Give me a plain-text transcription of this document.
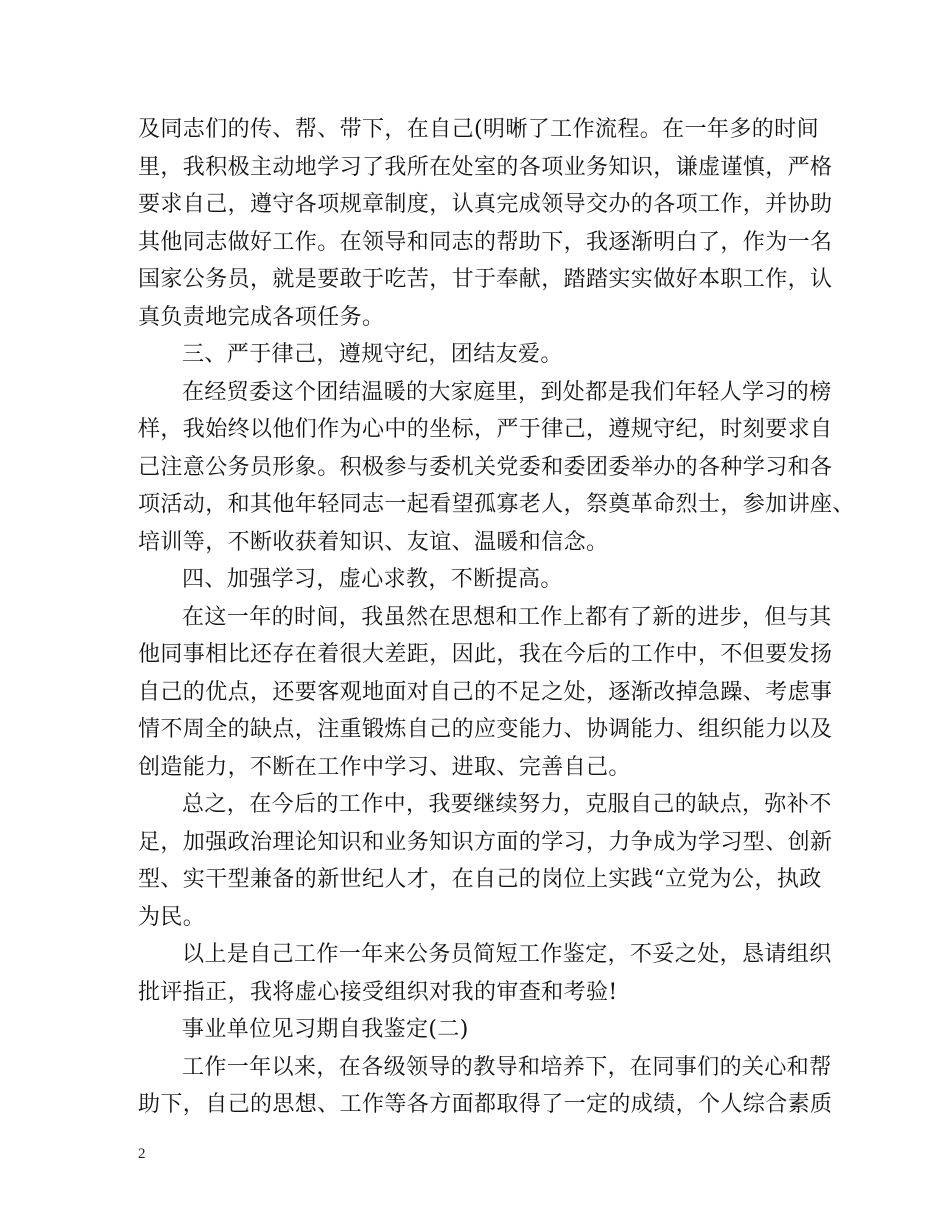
及同志们的传、帮、带下，在自己(明晰了工作流程。在一年多的时间
里，我积极主动地学习了我所在处室的各项业务知识，谦虚谨慎，严格
要求自己，遵守各项规章制度，认真完成领导交办的各项工作，并协助
其他同志做好工作。在领导和同志的帮助下，我逐渐明白了，作为一名
国家公务员，就是要敢于吃苦，甘于奉献，踏踏实实做好本职工作，认
真负责地完成各项任务。
三、严于律己，遵规守纪，团结友爱。
在经贸委这个团结温暖的大家庭里，到处都是我们年轻人学习的榜
样，我始终以他们作为心中的坐标，严于律己，遵规守纪，时刻要求自
己注意公务员形象。积极参与委机关党委和委团委举办的各种学习和各
项活动，和其他年轻同志一起看望孤寡老人，祭奠革命烈士，参加讲座、
培训等，不断收获着知识、友谊、温暖和信念。
四、加强学习，虚心求教，不断提高。
在这一年的时间，我虽然在思想和工作上都有了新的进步，但与其
他同事相比还存在着很大差距，因此，我在今后的工作中，不但要发扬
自己的优点，还要客观地面对自己的不足之处，逐渐改掉急躁、考虑事
情不周全的缺点，注重锻炼自己的应变能力、协调能力、组织能力以及
创造能力，不断在工作中学习、进取、完善自己。
总之，在今后的工作中，我要继续努力，克服自己的缺点，弥补不
足，加强政治理论知识和业务知识方面的学习，力争成为学习型、创新
型、实干型兼备的新世纪人才，在自己的岗位上实践“立党为公，执政
为民。
以上是自己工作一年来公务员简短工作鉴定，不妥之处，恳请组织
批评指正，我将虚心接受组织对我的审查和考验!
事业单位见习期自我鉴定(二)
工作一年以来，在各级领导的教导和培养下，在同事们的关心和帮
助下，自己的思想、工作等各方面都取得了一定的成绩，个人综合素质
2
